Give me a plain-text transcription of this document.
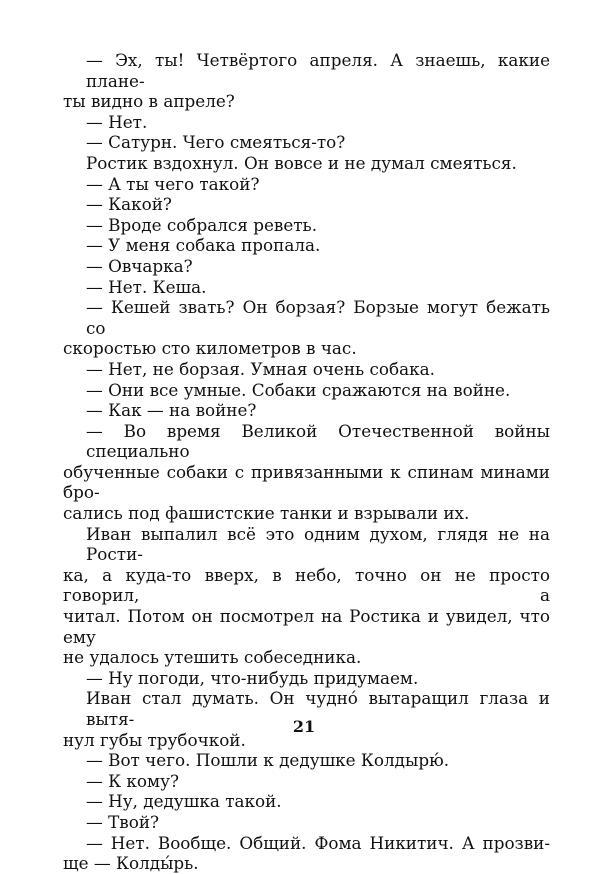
— Эх, ты! Четвёртого апреля. А знаешь, какие плане-
ты видно в апреле?
— Нет.
— Сатурн. Чего смеяться-то?
Ростик вздохнул. Он вовсе и не думал смеяться.
— А ты чего такой?
— Какой?
— Вроде собрался реветь.
— У меня собака пропала.
— Овчарка?
— Нет. Кеша.
— Кешей звать? Он борзая? Борзые могут бежать со
скоростью сто километров в час.
— Нет, не борзая. Умная очень собака.
— Они все умные. Собаки сражаются на войне.
— Как — на войне?
— Во время Великой Отечественной войны специально
обученные собаки с привязанными к спинам минами бро-
сались под фашистские танки и взрывали их.
Иван выпалил всё это одним духом, глядя не на Рости-
ка, а куда-то вверх, в небо, точно он не просто говорил, а
читал. Потом он посмотрел на Ростика и увидел, что ему
не удалось утешить собеседника.
— Ну погоди, что-нибудь придумаем.
Иван стал думать. Он чудно́ вытаращил глаза и вытя-
нул губы трубочкой.
— Вот чего. Пошли к дедушке Колдырю́.
— К кому?
— Ну, дедушка такой.
— Твой?
— Нет. Вообще. Общий. Фома Никитич. А прозви-
ще — Колды́рь.
21
